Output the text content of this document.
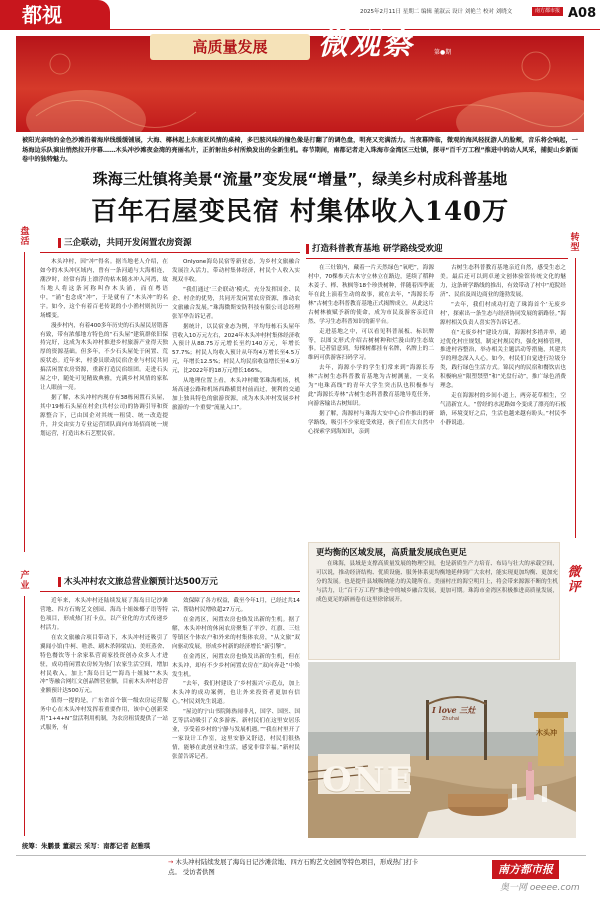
都视	2025年2月11日 星期二 编辑 董淑云 设计 刘艳兰 校对 刘晓文	南方都市报 A08
高质量发展	微观察	第●期
被阳光亲吻的金色沙滩沿着海岸线缓缓铺展，大海、椰林起上东南亚风情的桌椅，多巴胺风味的撞色像是打翻了的调色盘，明亮又充满活力。当夜幕降临，微观的海风轻抚游人的脸颊，音乐将会响起，一场海边乐队演出悄然拉开序幕……木头冲沙滩夜金湾的亮丽名片，正折射出乡村所焕发出的全新生机。春节期间，南都记者走入珠海市金湾区三灶镇，探寻“百千万工程”推进中的动人风采，捕捉山乡新面卷中的独特魅力。
珠海三灶镇将美景“流量”变发展“增量”，绿美乡村成科普基地
百年石屋变民宿 村集体收入140万
盘活
产业
转型
三企联动，共同开发闲置农房资源

木头冲村，因“冲”得名。据当地老人介绍，在如今的木头冲区域内，曾有一条河通与大海相连，潮汐时，经常有海上漂浮的枯木随水冲入河湾，故当地人将这条河称叫作木头涌，而在粤语中，“涌”也念成“冲”，于是就有了“木头冲”的名字。如今，这个有着百老传说的小小渔村则抗历一场蝶变。

漫步村内，有着400多年历史的石头屋民居错落有致，带有浓郁地方特色的“石头屋”建筑群依旧保持完好，这成为木头冲村推进乡村旅游产业得天独厚的资源基础。但多年，不少石头屋处于闲置、荒废状态。近年来，村委员联动民宿企业与村民共同搞活闲置农房资源，重新打造民宿组团。走进石头屋之中，随处可见精致典雅，充满乡村风情的家私让人眼前一亮。

据了解，木头冲村内现存有38栋闲置石头屋，其中19栋石头屋在村企(共村公司)的协调引导和资源整合下，已由国企对其统一租赁、统一改造提升，并交由实力专业运营团队面向市场招商统一规划运营，打造出木石艺墅民宿。

Onlyone海岛民宿等新业态，为乡村文旅融合发展注入活力，带动村集体经济，村民个人收入实现双丰收。

“我们通过‘三企联动’模式，充分发挥国企、民企、村企的优势，共同开发闲置农房资源，推动农文旅融合发展。”珠海微斯安防科技有限公司总经理张军华告诉记者。

据统计，以民宿业态为例，平均每栋石头屋年营收入10万元左右，2024年木头冲村村集体经济收入预计从88.75万元增长至约140万元，年增长57.7%；村民人均收入预计从年均4万增长至4.5万元，年增长12.5%；村民人均民宿收益增长至4.9万元，比2022年的18万元增长166%。

从地理位置上看，木头冲村毗邻珠海机场，机场高速公路和机场西路横贯村前而过，便利的交通加上独具特色的旅游资源，成为木头冲村发展乡村旅游的一个重要“流量入口”。

打造科普教育基地 研学路线受欢迎

在三灶镇内，藏着一片天然绿色“氧吧”，海源村中，70棵参天古木守立林立在路边，延续了稻种木姜子、榉、秋枫等18个珍贵树种，伴随着四季流年在此上演着生动的故事，就在去年，“海源长寿林”古树生态科普教育基地正式揭牌成立，从此这片古树林被赋予新的使命，成为市民及游客亲近自然、学习生态科普知识的新平台。

走进基地之中，可以看见科普展板、标识牌等，以图文形式介绍古树树种和烂漫山的生态故事。记者留意到，每棵树都挂有名牌，名牌上的二维码可供游客扫码学习。

去年，海源小学的学生们常来到“海源长寿林”古树生态科普教育基地为古树测量，一支名为“电珠高线”的青年大学生突击队也积极参与此“海源长寿林”古树生态科普教育基地导览任务，向游客输出古树知识。

据了解，海源村与珠海大安中心合作推出的研学路线，吸引不少家庭受欢迎，孩子们在大自然中心探索学到海知识，亲到

古树生态科普教育基地亲近自然，感受生态之美。最后还可以到卓递文创体验馆传统文化的魅力，这条研学路线的推出，有效带动了村中“庭院经济”、民宿及周边商业的蓬勃发展。

“去年，我们村成功打造了珠海首个‘无废乡村’，探索出一条生态与经济协同发展的新路径。”海源村相关负责人喜实答告诉记者。

在“无废乡村”建设方面，海源村多措并举，通过优化村庄规划，制定村规民约，强化网格管理，推进村容整治，举办相关主题活动等措施，其建共享的理念深入人心。如今，村民们自觉进行垃圾分类，践行绿色生活方式。锦民内的民宿和餐饮店也积极响应“限塑禁塑”和“光盘行动”，推广绿色消费理念。

走在海源村的乡间小道上，两旁花草相生，空气清新宜人。“曾经的水泥路如今变成了漂亮的石板路，环境变好之后，生活也越来越有盼头。”村民李小静说道。

木头冲村农文旅总营业额预计达500万元

近年来，木头冲村还陆续发展了海岛日记沙滩营地、四方石购艺文创园、海岛十姐妹椰子语等特色项目，形成热门打卡点，以产业化的方式传递乡村活力。

在农文旅融合项目带动下，木头冲村还吸引了翼闻小馆(牛柯、啥杀、刷木杀韩梁店)、美旺蒸舍、特色餐饮等十余家私营商家投资创办众多人才进驻，成功将闲置农房转为热门农家生活空间，增加村民收入，加上“海岛日记”“海岛十姐妹”“木头冲”等融合网红文创品牌营业额，目前木头冲村总营业额预计达500万元。

值得一提的是，广东省首个镇一级农房运营服务中心在木头冲村发挥着重要作用，该中心创新采用“1+4+N”盘活利用机制，为农房租赁提供了一站式服务，有

效保障了各方权益，截至今年1月，已经过共14宗，帮助村民增收超27万元。

在金湾区，闲置农房也焕发出新的生机。据了解，木头冲村的休闲农房聚集了平沙、红旗、三灶等镇区个体农户和外来的村集体农房，“从文旅”双向驱动发展，形成乡村新的经济增长“新引擎”。

在金湾区，闲置农房也焕发出新的生机，但在木头冲，却有不少乡村闲置农房在“双向奔赴”中焕发生机。

“去年，我们村建设了‘乡村振兴’示范点，加上木头冲的成功案例，也让外来投资者更加有信心。”村民刘先生说道。

“屋边的宁山书院陈热闹非凡，国学、国医、国艺等活动吸引了众多游客。新村民们在这里安居乐业，享受着乡村的宁静与发展机遇。”“我在村里开了一家设计工作室，这里安静又舒适，村民们很热情，能够在此创业和生活，感觉非常幸福。”新村民张蕾告诉记者。

更均衡的区域发展，高质量发展成色更足
在珠海，县域是支撑高质量发展的物理空间，也是新质生产力培育、布局与壮大的承载空间，可以说，推动经济结构、优质设施、服务体系更均衡地延伸到广大农村，能实现更加均衡、更加充分的发展。也是提升县域吸纳能力的关键所在。美丽村庄的海空明月上，将会带来源源不断的生机与活力，让“百千万工程”推进中的城乡融合发展，更加可期。珠海市金湾区积极推进高质量发展，成色更足的新画卷在这里徐徐展开。
微评
I love 三灶
Zhuhai
ONE
木头冲
统筹：朱鹏景 董淑云 采写：南都记者 赵雅琪
→ 木头冲村陆续发展了海岛日记沙滩营地、四方石购艺文创园等特色项目，形成热门打卡点。 受访者供图	南方都市报
奥一网 oeeee.com
